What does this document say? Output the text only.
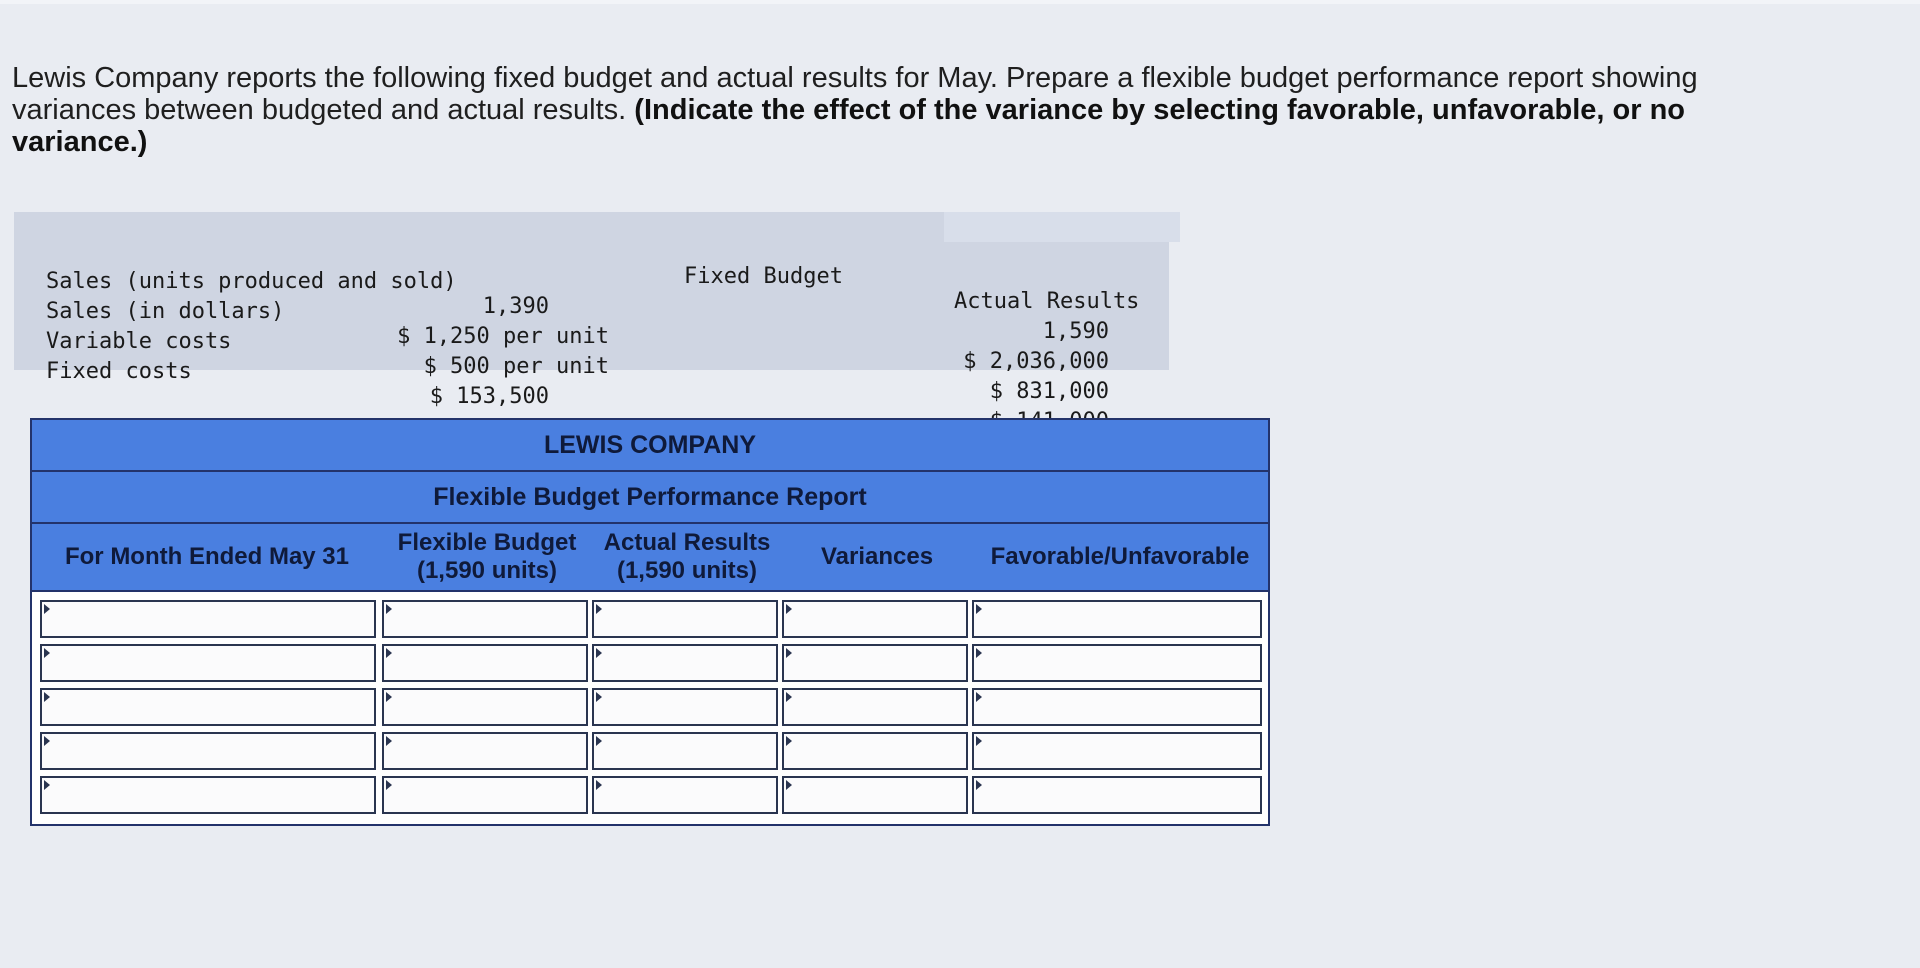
Lewis Company reports the following fixed budget and actual results for May. Prepare a flexible budget performance report showing variances between budgeted and actual results. (Indicate the effect of the variance by selecting favorable, unfavorable, or no variance.)

Fixed Budget

Actual Results

Sales (units produced and sold)

1,390

1,590

Sales (in dollars)

$ 1,250 per unit

$ 2,036,000

Variable costs

$ 500 per unit

$ 831,000

Fixed costs

$ 153,500

LEWIS COMPANY
Flexible Budget Performance Report
For Month Ended May 31
Flexible Budget
(1,590 units)
Actual Results
(1,590 units)
Variances Favorable/Unfavorable
